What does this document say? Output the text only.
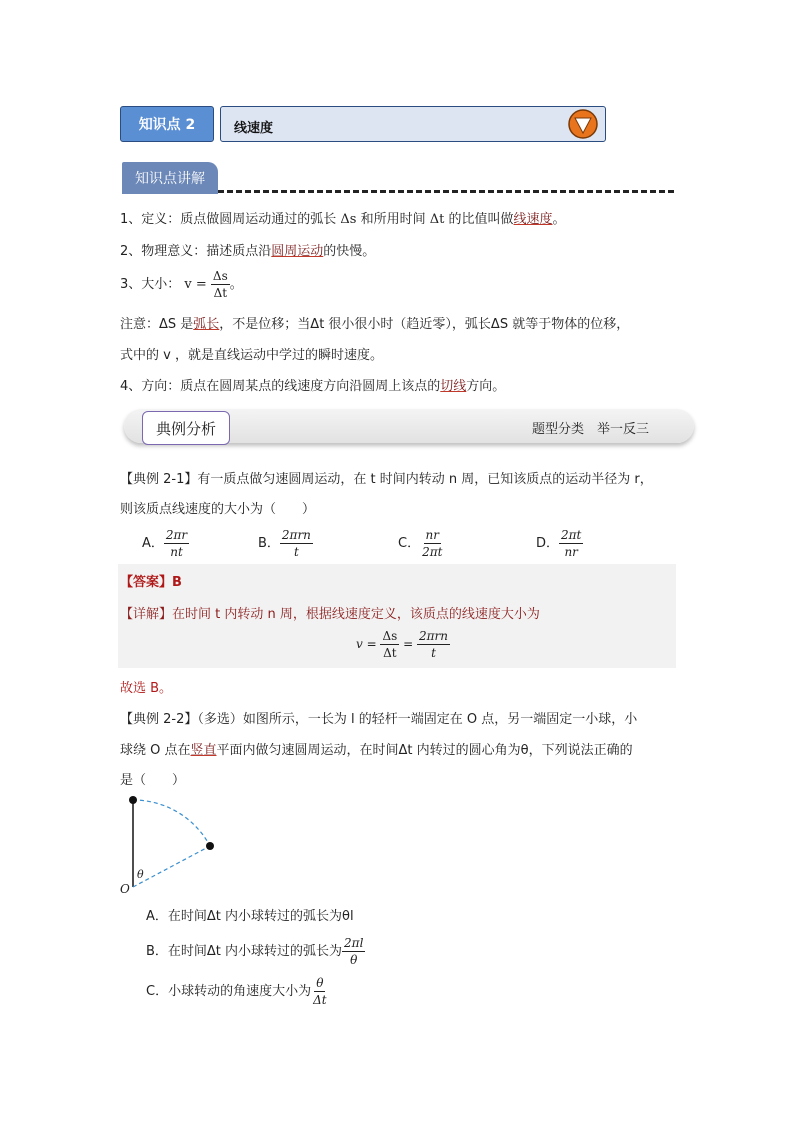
知识点 2	线速度
知识点讲解
1、定义：质点做圆周运动通过的弧长 Δs 和所用时间 Δt 的比值叫做线速度。
2、物理意义：描述质点沿圆周运动的快慢。
3、大小： $v = \frac{\Delta s}{\Delta t}$ 。
注意：ΔS 是弧长，不是位移；当Δt 很小很小时（趋近零），弧长ΔS 就等于物体的位移，
式中的 v ，就是直线运动中学过的瞬时速度。
4、方向：质点在圆周某点的线速度方向沿圆周上该点的切线方向。
典例分析	题型分类　举一反三
【典例 2-1】有一质点做匀速圆周运动，在 t 时间内转动 n 周，已知该质点的运动半径为 r，
则该质点线速度的大小为（　　）
A． $\frac{2\pi r}{nt}$	B． $\frac{\text{2πrn}}{t}$	C． $\frac{nr}{2\pi t}$	D． $\frac{2\pi t}{nr}$
【答案】B
【详解】在时间 t 内转动 n 周，根据线速度定义，该质点的线速度大小为
$v = \frac{\Delta s}{\Delta t} = \frac{\text{2πrn}}{t}$
故选 B。
【典例 2-2】（多选）如图所示，一长为 l 的轻杆一端固定在 O 点，另一端固定一小球，小
球绕 O 点在竖直平面内做匀速圆周运动，在时间Δt 内转过的圆心角为θ，下列说法正确的
是（　　）
θ
O
A．在时间Δt 内小球转过的弧长为θl
B．在时间Δt 内小球转过的弧长为 $\frac{2\pi l}{\theta}$
C．小球转动的角速度大小为 $\frac{\theta}{\Delta t}$
